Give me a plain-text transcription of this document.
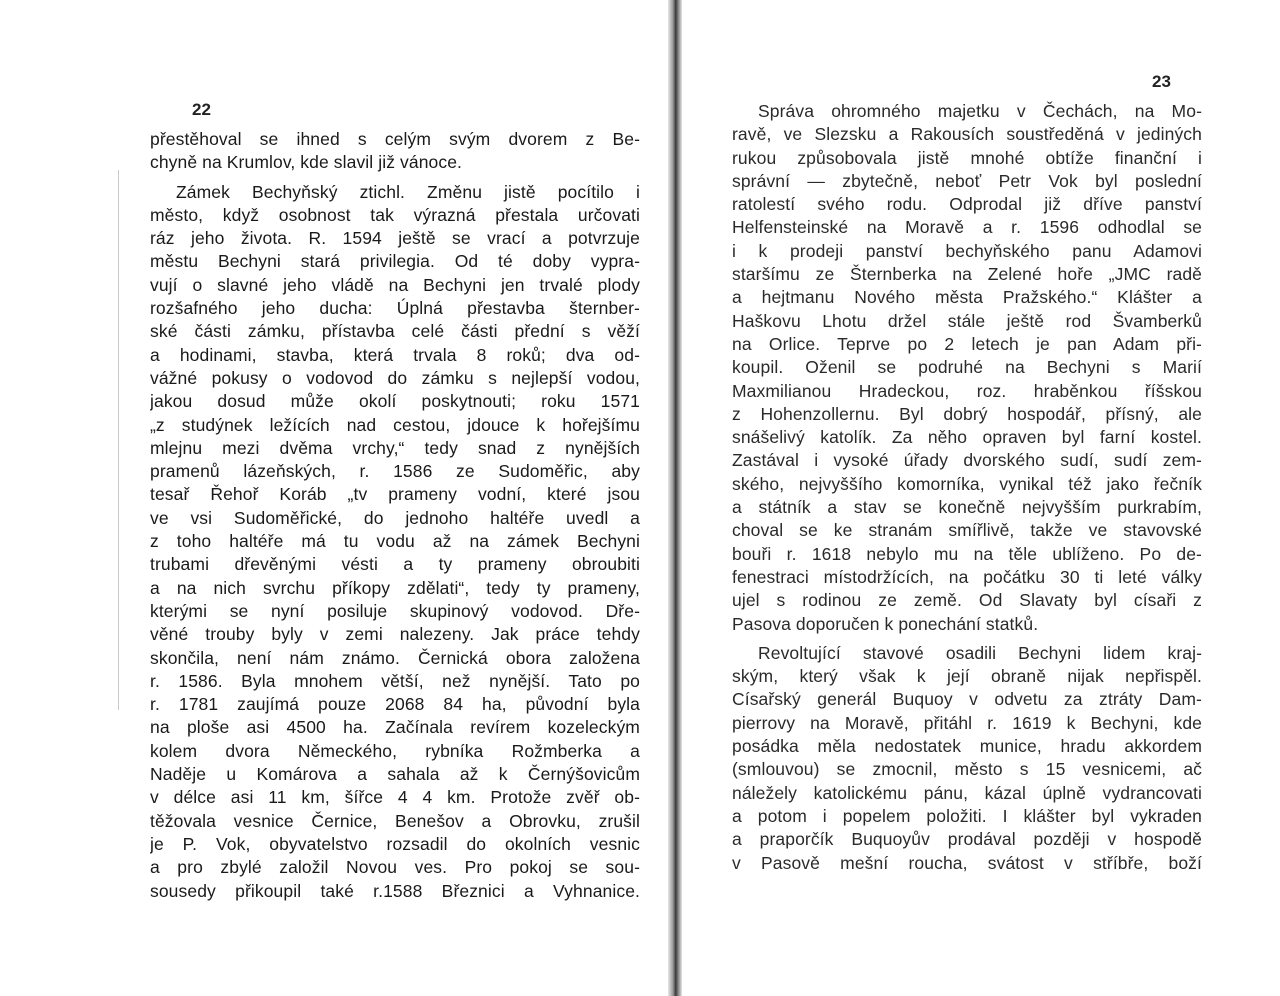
22
přestěhoval se ihned s celým svým dvorem z Be-
chyně na Krumlov, kde slavil již vánoce.
Zámek Bechyňský ztichl. Změnu jistě pocítilo i
město, když osobnost tak výrazná přestala určovati
ráz jeho života. R. 1594 ještě se vrací a potvrzuje
městu Bechyni stará privilegia. Od té doby vypra-
vují o slavné jeho vládě na Bechyni jen trvalé plody
rozšafného jeho ducha: Úplná přestavba šternber-
ské části zámku, přístavba celé části přední s věží
a hodinami, stavba, která trvala 8 roků; dva od-
vážné pokusy o vodovod do zámku s nejlepší vodou,
jakou dosud může okolí poskytnouti; roku 1571
„z studýnek ležících nad cestou, jdouce k hořejšímu
mlejnu mezi dvěma vrchy,“ tedy snad z nynějších
pramenů lázeňských, r. 1586 ze Sudoměřic, aby
tesař Řehoř Koráb „tv prameny vodní, které jsou
ve vsi Sudoměřické, do jednoho haltéře uvedl a
z toho haltéře má tu vodu až na zámek Bechyni
trubami dřevěnými vésti a ty prameny obroubiti
a na nich svrchu příkopy zdělati“, tedy ty prameny,
kterými se nyní posiluje skupinový vodovod. Dře-
věné trouby byly v zemi nalezeny. Jak práce tehdy
skončila, není nám známo. Černická obora založena
r. 1586. Byla mnohem větší, než nynější. Tato po
r. 1781 zaujímá pouze 2068 84 ha, původní byla
na ploše asi 4500 ha. Začínala revírem kozeleckým
kolem dvora Německého, rybníka Rožmberka a
Naděje u Komárova a sahala až k Černýšovicům
v délce asi 11 km, šířce 4 4 km. Protože zvěř ob-
těžovala vesnice Černice, Benešov a Obrovku, zrušil
je P. Vok, obyvatelstvo rozsadil do okolních vesnic
a pro zbylé založil Novou ves. Pro pokoj se sou-
sousedy přikoupil také r.1588 Březnici a Vyhnanice.
23
Správa ohromného majetku v Čechách, na Mo-
ravě, ve Slezsku a Rakousích soustředěná v jediných
rukou způsobovala jistě mnohé obtíže finanční i
správní — zbytečně, neboť Petr Vok byl poslední
ratolestí svého rodu. Odprodal již dříve panství
Helfensteinské na Moravě a r. 1596 odhodlal se
i k prodeji panství bechyňského panu Adamovi
staršímu ze Šternberka na Zelené hoře „JMC radě
a hejtmanu Nového města Pražského.“ Klášter a
Haškovu Lhotu držel stále ještě rod Švamberků
na Orlice. Teprve po 2 letech je pan Adam při-
koupil. Oženil se podruhé na Bechyni s Marií
Maxmilianou Hradeckou, roz. hraběnkou říšskou
z Hohenzollernu. Byl dobrý hospodář, přísný, ale
snášelivý katolík. Za něho opraven byl farní kostel.
Zastával i vysoké úřady dvorského sudí, sudí zem-
ského, nejvyššího komorníka, vynikal též jako řečník
a státník a stav se konečně nejvyšším purkrabím,
choval se ke stranám smířlivě, takže ve stavovské
bouři r. 1618 nebylo mu na těle ublíženo. Po de-
fenestraci místodržících, na počátku 30 ti leté války
ujel s rodinou ze země. Od Slavaty byl císaři z
Pasova doporučen k ponechání statků.
Revoltující stavové osadili Bechyni lidem kraj-
ským, který však k její obraně nijak nepřispěl.
Císařský generál Buquoy v odvetu za ztráty Dam-
pierrovy na Moravě, přitáhl r. 1619 k Bechyni, kde
posádka měla nedostatek munice, hradu akkordem
(smlouvou) se zmocnil, město s 15 vesnicemi, ač
náležely katolickému pánu, kázal úplně vydrancovati
a potom i popelem položiti. I klášter byl vykraden
a praporčík Buquoyův prodával později v hospodě
v Pasově mešní roucha, svátost v stříbře, boží
